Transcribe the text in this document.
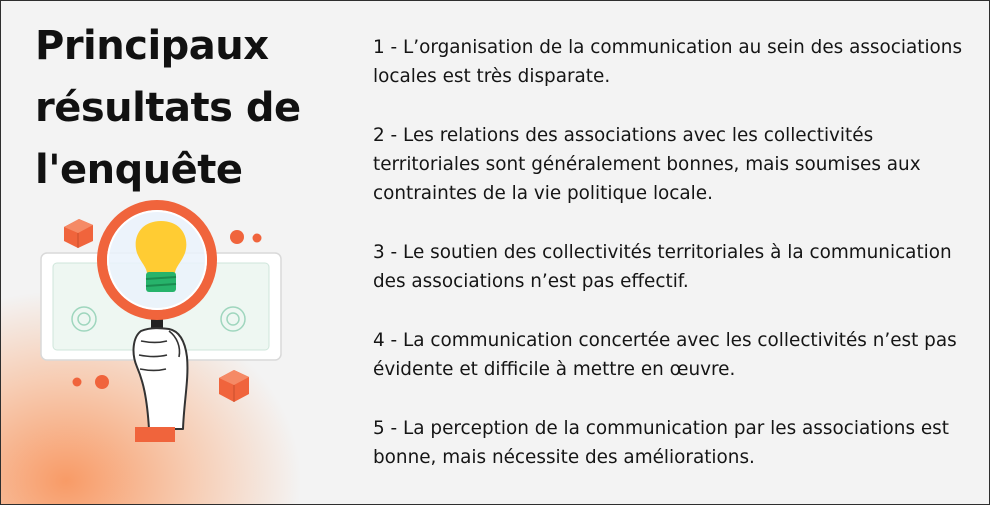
Principaux
résultats de
l'enquête
1 - L’organisation de la communication au sein des associations locales est très disparate.
2 - Les relations des associations avec les collectivités territoriales sont généralement bonnes, mais soumises aux contraintes de la vie politique locale.
3 - Le soutien des collectivités territoriales à la communication des associations n’est pas effectif.
4 - La communication concertée avec les collectivités n’est pas évidente et difficile à mettre en œuvre.
5 - La perception de la communication par les associations est bonne, mais nécessite des améliorations.
